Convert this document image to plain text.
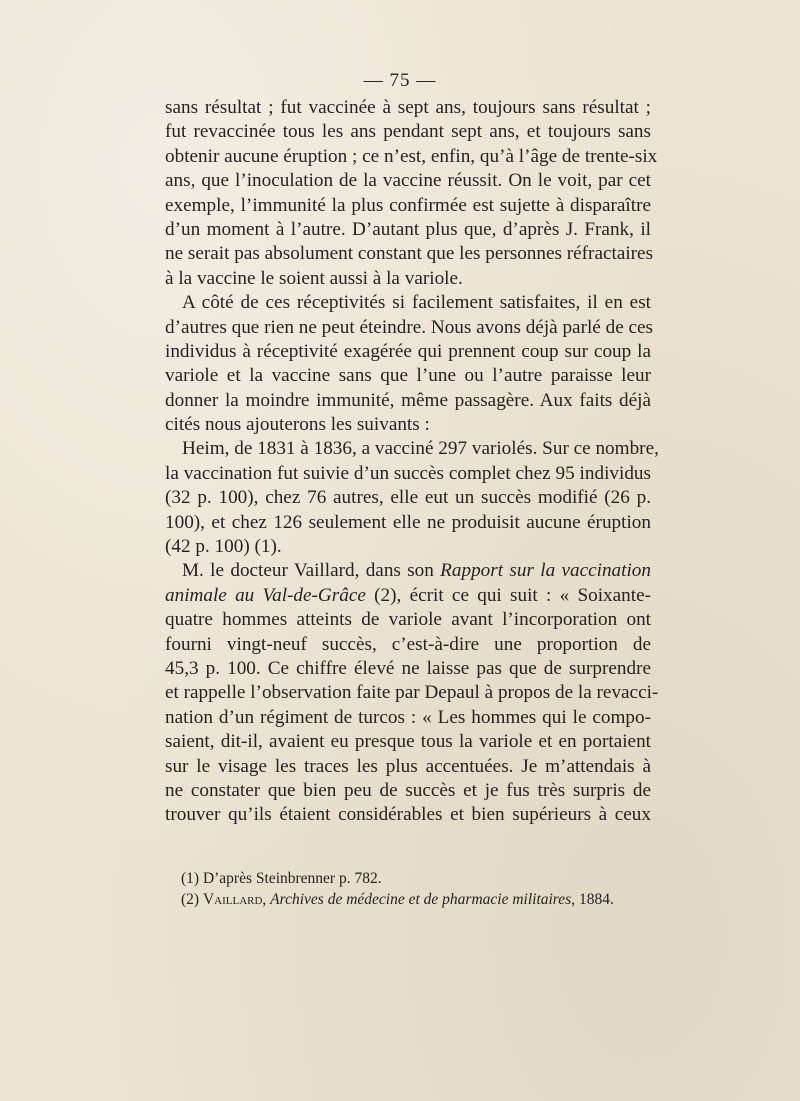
— 75 —
sans résultat ; fut vaccinée à sept ans, toujours sans résultat ;
fut revaccinée tous les ans pendant sept ans, et toujours sans
obtenir aucune éruption ; ce n’est, enfin, qu’à l’âge de trente-six
ans, que l’inoculation de la vaccine réussit. On le voit, par cet
exemple, l’immunité la plus confirmée est sujette à disparaître
d’un moment à l’autre. D’autant plus que, d’après J. Frank, il
ne serait pas absolument constant que les personnes réfractaires
à la vaccine le soient aussi à la variole.
A côté de ces réceptivités si facilement satisfaites, il en est
d’autres que rien ne peut éteindre. Nous avons déjà parlé de ces
individus à réceptivité exagérée qui prennent coup sur coup la
variole et la vaccine sans que l’une ou l’autre paraisse leur
donner la moindre immunité, même passagère. Aux faits déjà
cités nous ajouterons les suivants :
Heim, de 1831 à 1836, a vacciné 297 variolés. Sur ce nombre,
la vaccination fut suivie d’un succès complet chez 95 individus
(32 p. 100), chez 76 autres, elle eut un succès modifié (26 p.
100), et chez 126 seulement elle ne produisit aucune éruption
(42 p. 100) (1).
M. le docteur Vaillard, dans son Rapport sur la vaccination
animale au Val-de-Grâce (2), écrit ce qui suit : « Soixante-
quatre hommes atteints de variole avant l’incorporation ont
fourni vingt-neuf succès, c’est-à-dire une proportion de
45,3 p. 100. Ce chiffre élevé ne laisse pas que de surprendre
et rappelle l’observation faite par Depaul à propos de la revacci-
nation d’un régiment de turcos : « Les hommes qui le compo-
saient, dit-il, avaient eu presque tous la variole et en portaient
sur le visage les traces les plus accentuées. Je m’attendais à
ne constater que bien peu de succès et je fus très surpris de
trouver qu’ils étaient considérables et bien supérieurs à ceux
(1) D’après Steinbrenner p. 782.
(2) Vaillard, Archives de médecine et de pharmacie militaires, 1884.
